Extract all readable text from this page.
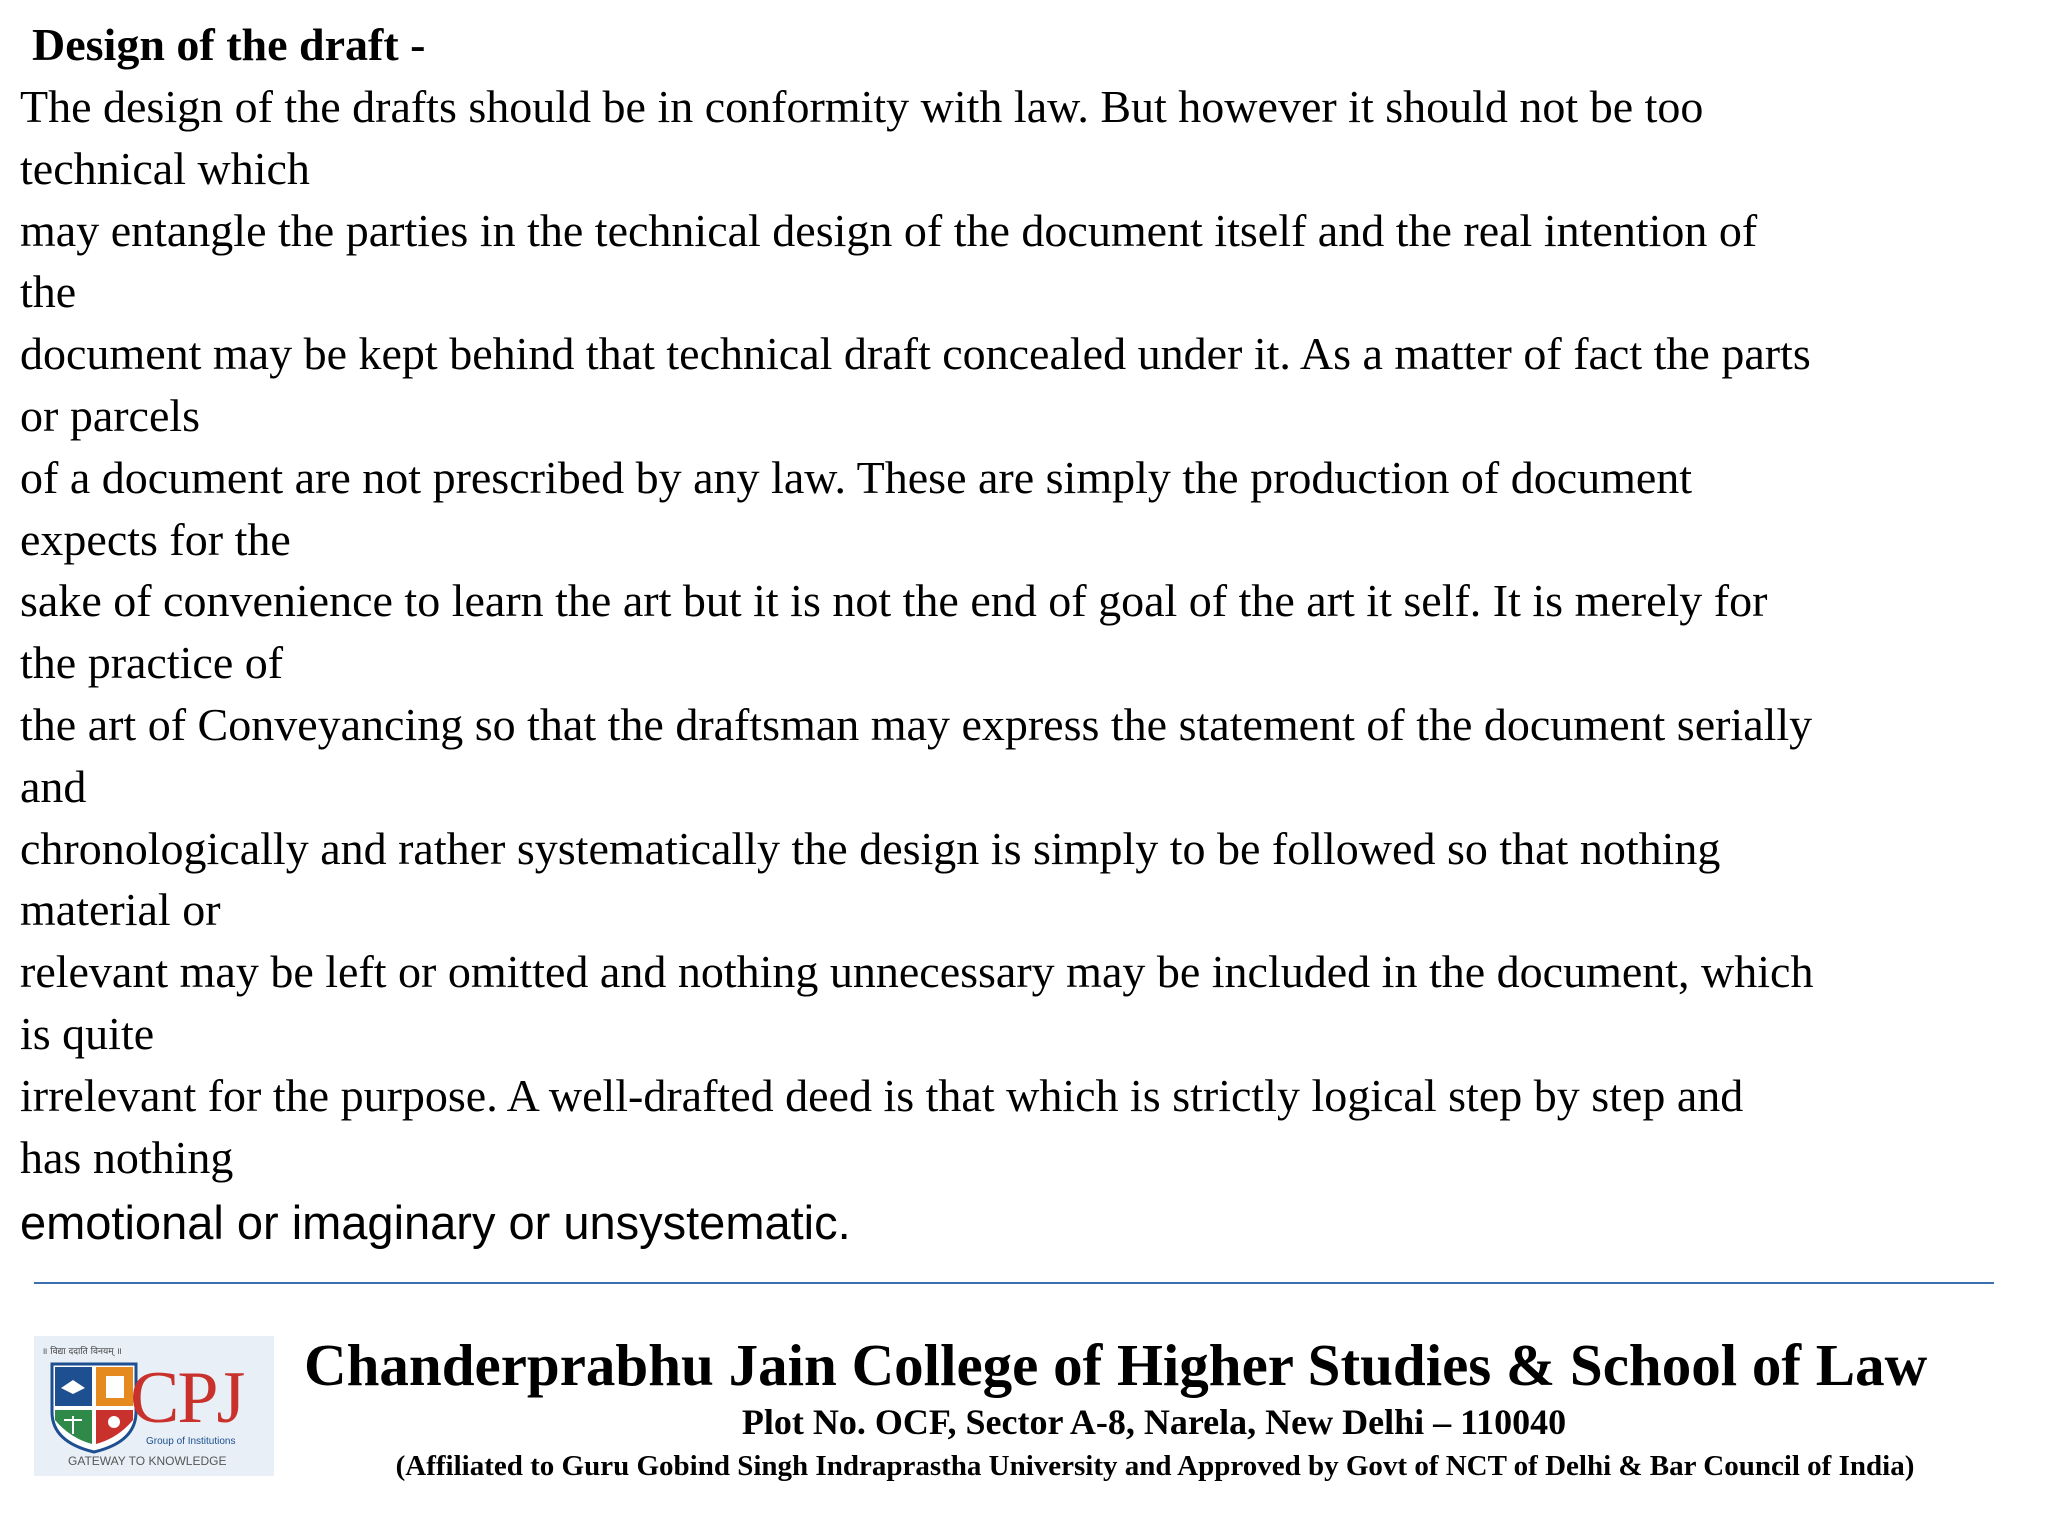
Design of the draft -
The design of the drafts should be in conformity with law. But however it should not be too
technical which
may entangle the parties in the technical design of the document itself and the real intention of
the
document may be kept behind that technical draft concealed under it. As a matter of fact the parts
or parcels
of a document are not prescribed by any law. These are simply the production of document
expects for the
sake of convenience to learn the art but it is not the end of goal of the art it self. It is merely for
the practice of
the art of Conveyancing so that the draftsman may express the statement of the document serially
and
chronologically and rather systematically the design is simply to be followed so that nothing
material or
relevant may be left or omitted and nothing unnecessary may be included in the document, which
is quite
irrelevant for the purpose. A well-drafted deed is that which is strictly logical step by step and
has nothing
emotional or imaginary or unsystematic.
॥ विद्या ददाति विनयम् ॥
CPJ
Group of Institutions
GATEWAY TO KNOWLEDGE
Chanderprabhu Jain College of Higher Studies & School of Law
Plot No. OCF, Sector A-8, Narela, New Delhi – 110040
(Affiliated to Guru Gobind Singh Indraprastha University and Approved by Govt of NCT of Delhi & Bar Council of India)
